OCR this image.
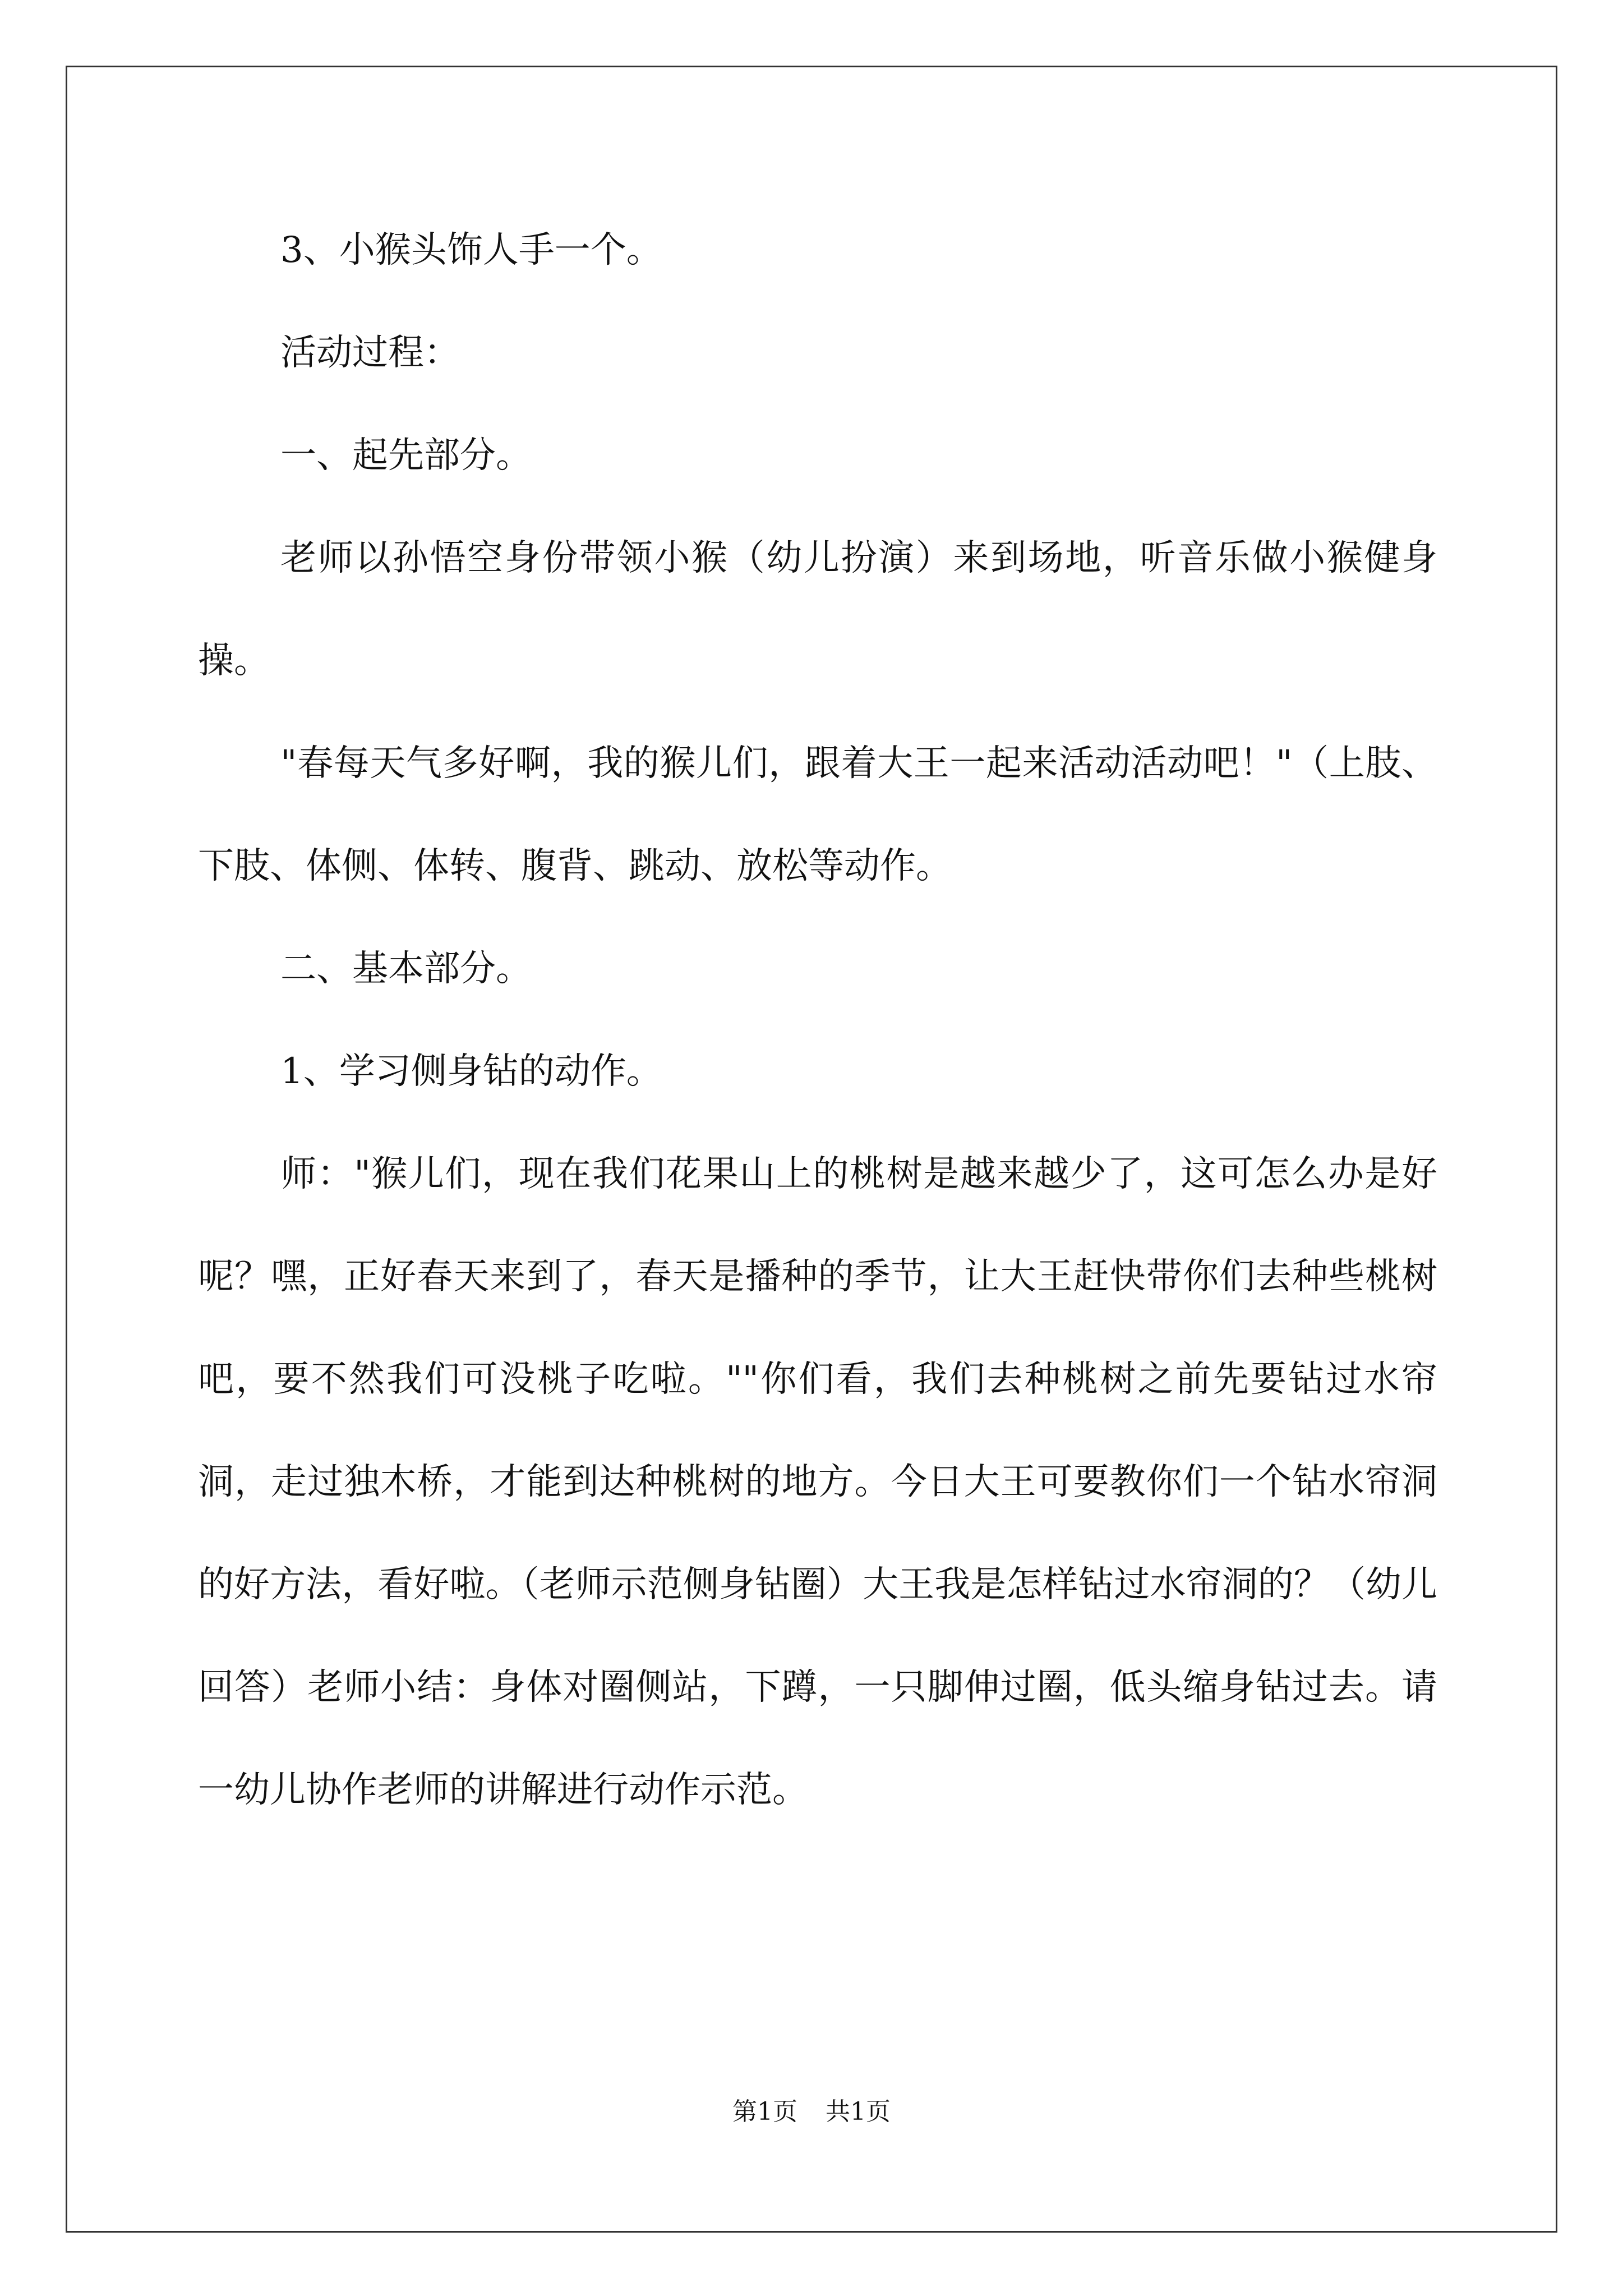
3、小猴头饰人手一个。

活动过程：

一、起先部分。

老师以孙悟空身份带领小猴（幼儿扮演）来到场地，听音乐做小猴健身操。

"春每天气多好啊，我的猴儿们，跟着大王一起来活动活动吧！"（上肢、下肢、体侧、体转、腹背、跳动、放松等动作。

二、基本部分。

1、学习侧身钻的动作。

师："猴儿们，现在我们花果山上的桃树是越来越少了，这可怎么办是好呢？嘿，正好春天来到了，春天是播种的季节，让大王赶快带你们去种些桃树吧，要不然我们可没桃子吃啦。""你们看，我们去种桃树之前先要钻过水帘洞，走过独木桥，才能到达种桃树的地方。今日大王可要教你们一个钻水帘洞的好方法，看好啦。（老师示范侧身钻圈）大王我是怎样钻过水帘洞的？（幼儿回答）老师小结：身体对圈侧站，下蹲，一只脚伸过圈，低头缩身钻过去。请一幼儿协作老师的讲解进行动作示范。

第1页 共1页
